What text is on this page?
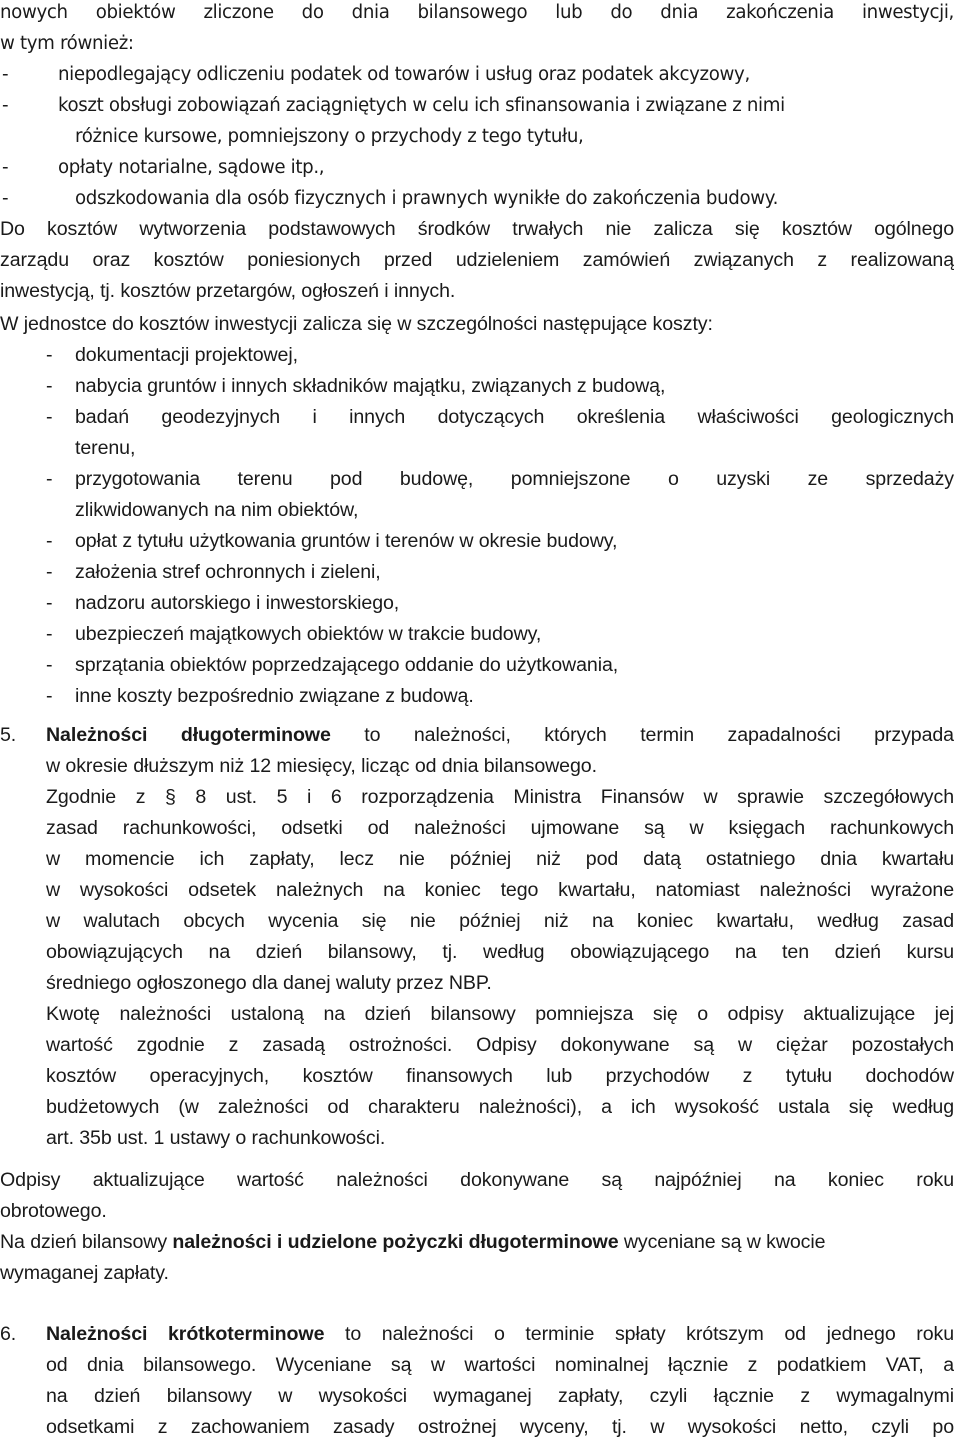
nowych obiektów zliczone do dnia bilansowego lub do dnia zakończenia inwestycji,
w tym również:
-	niepodlegający odliczeniu podatek od towarów i usług oraz podatek akcyzowy,
-	koszt obsługi zobowiązań zaciągniętych w celu ich sfinansowania i związane z nimi
różnice kursowe, pomniejszony o przychody z tego tytułu,
-	opłaty notarialne, sądowe itp.,
-	odszkodowania dla osób fizycznych i prawnych wynikłe do zakończenia budowy.
Do kosztów wytworzenia podstawowych środków trwałych nie zalicza się kosztów ogólnego
zarządu oraz kosztów poniesionych przed udzieleniem zamówień związanych z realizowaną
inwestycją, tj. kosztów przetargów, ogłoszeń i innych.
W jednostce do kosztów inwestycji zalicza się w szczególności następujące koszty:
-	dokumentacji projektowej,
-	nabycia gruntów i innych składników majątku, związanych z budową,
-	badań geodezyjnych i innych dotyczących określenia właściwości geologicznych
terenu,
-	przygotowania terenu pod budowę, pomniejszone o uzyski ze sprzedaży
zlikwidowanych na nim obiektów,
-	opłat z tytułu użytkowania gruntów i terenów w okresie budowy,
-	założenia stref ochronnych i zieleni,
-	nadzoru autorskiego i inwestorskiego,
-	ubezpieczeń majątkowych obiektów w trakcie budowy,
-	sprzątania obiektów poprzedzającego oddanie do użytkowania,
-	inne koszty bezpośrednio związane z budową.
5. Należności długoterminowe to należności, których termin zapadalności przypada
w okresie dłuższym niż 12 miesięcy, licząc od dnia bilansowego.
Zgodnie z § 8 ust. 5 i 6 rozporządzenia Ministra Finansów w sprawie szczegółowych
zasad rachunkowości, odsetki od należności ujmowane są w księgach rachunkowych
w momencie ich zapłaty, lecz nie później niż pod datą ostatniego dnia kwartału
w wysokości odsetek należnych na koniec tego kwartału, natomiast należności wyrażone
w walutach obcych wycenia się nie później niż na koniec kwartału, według zasad
obowiązujących na dzień bilansowy, tj. według obowiązującego na ten dzień kursu
średniego ogłoszonego dla danej waluty przez NBP.
Kwotę należności ustaloną na dzień bilansowy pomniejsza się o odpisy aktualizujące jej
wartość zgodnie z zasadą ostrożności. Odpisy dokonywane są w ciężar pozostałych
kosztów operacyjnych, kosztów finansowych lub przychodów z tytułu dochodów
budżetowych (w zależności od charakteru należności), a ich wysokość ustala się według
art. 35b ust. 1 ustawy o rachunkowości.
Odpisy aktualizujące wartość należności dokonywane są najpóźniej na koniec roku
obrotowego.
Na dzień bilansowy należności i udzielone pożyczki długoterminowe wyceniane są w kwocie
wymaganej zapłaty.
6. Należności krótkoterminowe to należności o terminie spłaty krótszym od jednego roku
od dnia bilansowego. Wyceniane są w wartości nominalnej łącznie z podatkiem VAT, a
na dzień bilansowy w wysokości wymaganej zapłaty, czyli łącznie z wymagalnymi
odsetkami z zachowaniem zasady ostrożnej wyceny, tj. w wysokości netto, czyli po
